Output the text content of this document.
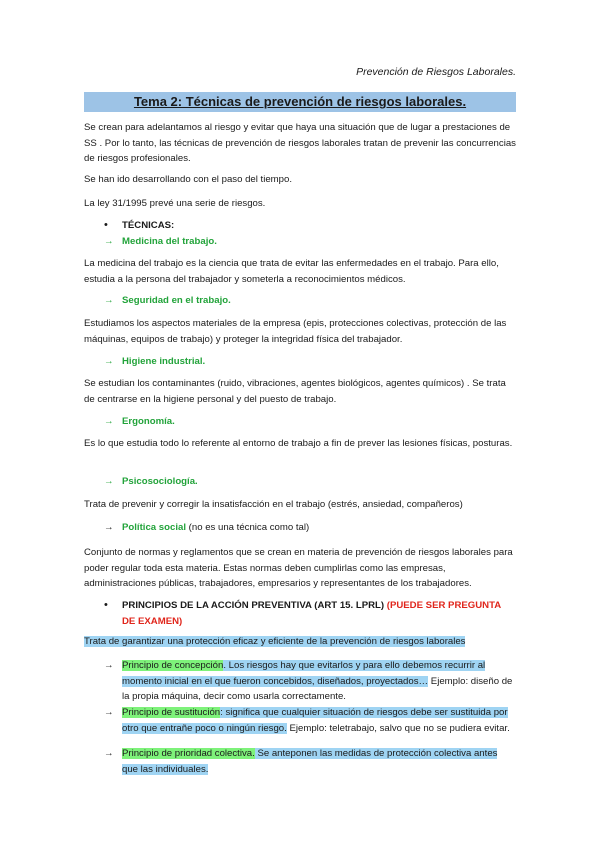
Prevención de Riesgos Laborales.
Tema 2: Técnicas de prevención de riesgos laborales.
Se crean para adelantamos al riesgo y evitar que haya una situación que de lugar a prestaciones de SS . Por lo tanto, las técnicas de prevención de riesgos laborales tratan de prevenir las concurrencias de riesgos profesionales.
Se han ido desarrollando con el paso del tiempo.
La ley 31/1995 prevé una serie de riesgos.
•	TÉCNICAS:
→ Medicina del trabajo.
La medicina del trabajo es la ciencia que trata de evitar las enfermedades en el trabajo. Para ello, estudia a la persona del trabajador y someterla a reconocimientos médicos.
→ Seguridad en el trabajo.
Estudiamos los aspectos materiales de la empresa (epis, protecciones colectivas, protección de las máquinas, equipos de trabajo) y proteger la integridad física del trabajador.
→ Higiene industrial.
Se estudian los contaminantes (ruido, vibraciones, agentes biológicos, agentes químicos) . Se trata de centrarse en la higiene personal y del puesto de trabajo.
→ Ergonomía.
Es lo que estudia todo lo referente al entorno de trabajo a fin de prever las lesiones físicas, posturas.
→ Psicosociología.
Trata de prevenir y corregir la insatisfacción en el trabajo (estrés, ansiedad, compañeros)
→ Política social (no es una técnica como tal)
Conjunto de normas y reglamentos que se crean en materia de prevención de riesgos laborales para poder regular toda esta materia. Estas normas deben cumplirlas como las empresas, administraciones públicas, trabajadores, empresarios y representantes de los trabajadores.
•	PRINCIPIOS DE LA ACCIÓN PREVENTIVA (ART 15. LPRL) (PUEDE SER PREGUNTA DE EXAMEN)
Trata de garantizar una protección eficaz y eficiente de la prevención de riesgos laborales
→ Principio de concepción. Los riesgos hay que evitarlos y para ello debemos recurrir al momento inicial en el que fueron concebidos, diseñados, proyectados… Ejemplo: diseño de la propia máquina, decir como usarla correctamente.
→ Principio de sustitución: significa que cualquier situación de riesgos debe ser sustituida por otro que entrañe poco o ningún riesgo. Ejemplo: teletrabajo, salvo que no se pudiera evitar.
→ Principio de prioridad colectiva. Se anteponen las medidas de protección colectiva antes que las individuales.
